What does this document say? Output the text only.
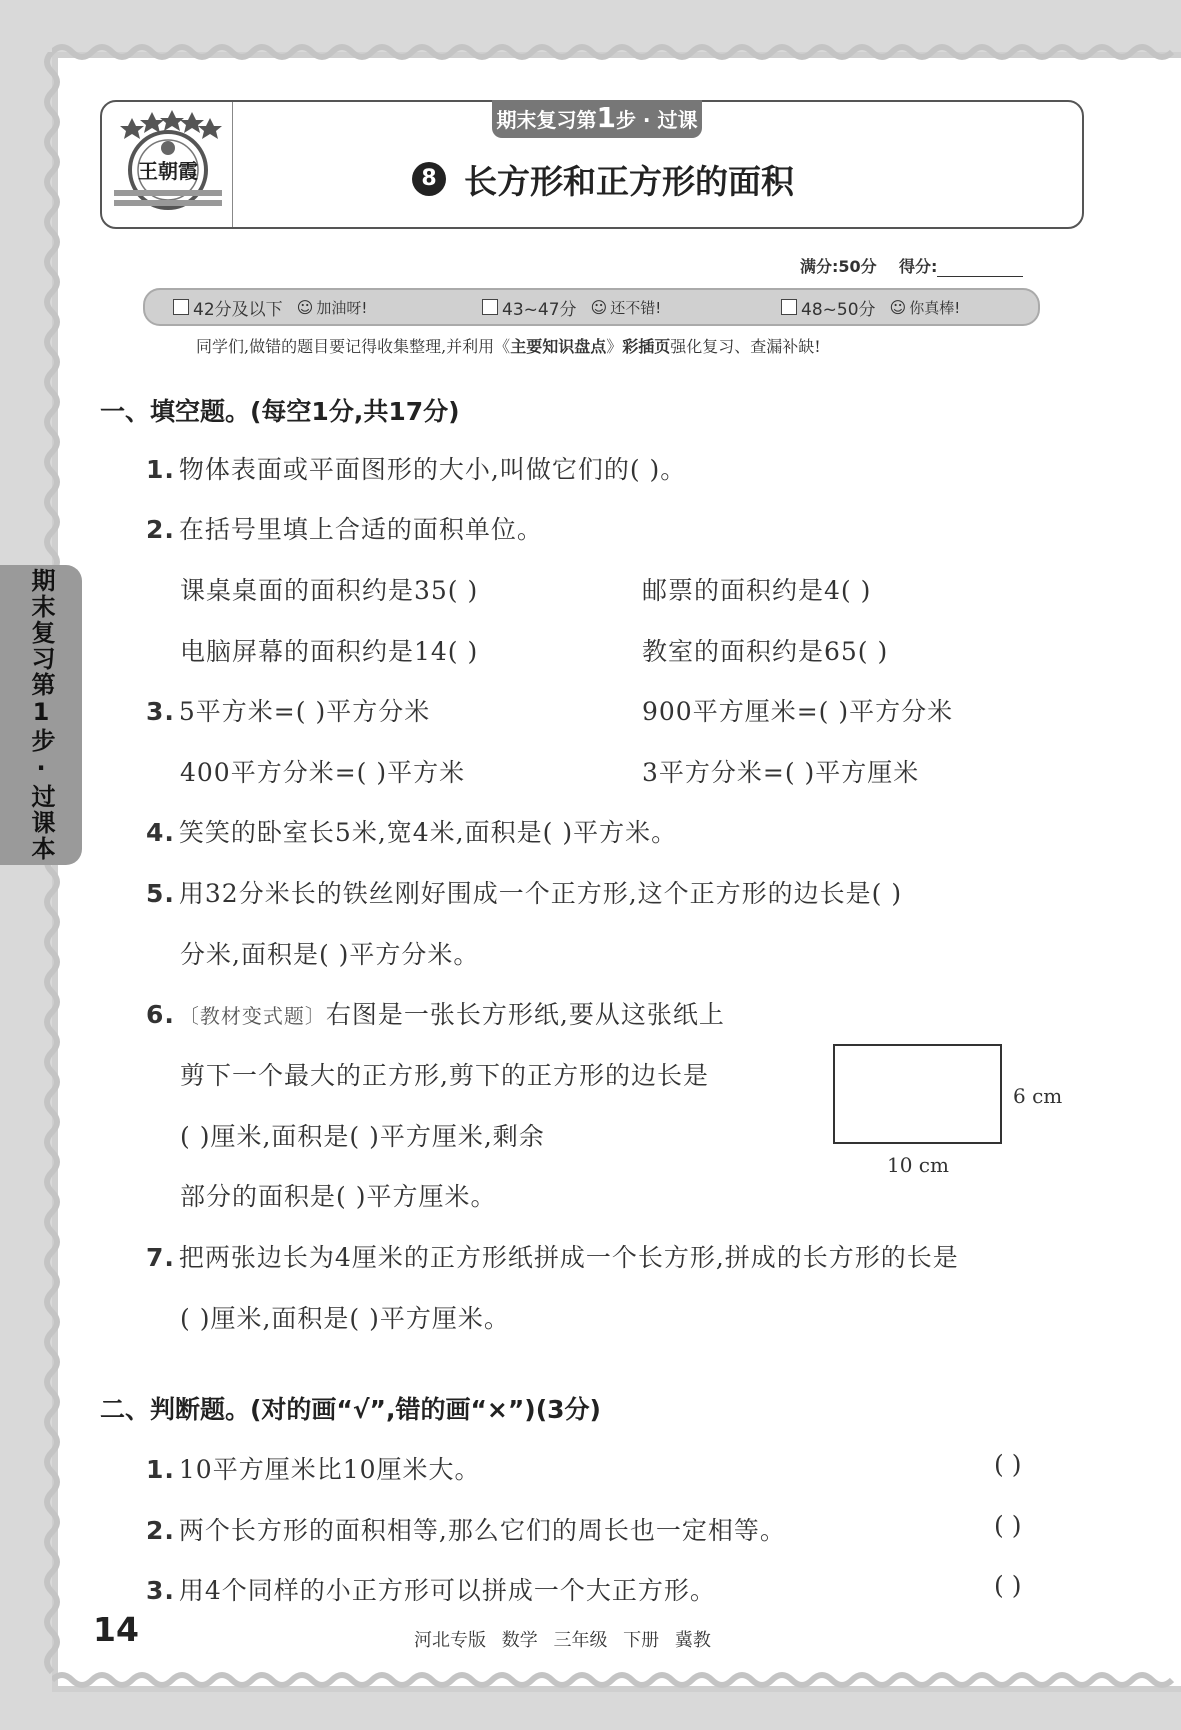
王朝霞
期末复习第1步 · 过课本
8 长方形和正方形的面积
满分:50分 得分:
42分及以下 ☺ 加油呀!	43~47分 ☺ 还不错!	48~50分 ☺ 你真棒!
同学们,做错的题目要记得收集整理,并利用《主要知识盘点》彩插页强化复习、查漏补缺!
期末复习第1步·过课本
一、填空题。(每空1分,共17分)
1. 物体表面或平面图形的大小,叫做它们的( )。
2. 在括号里填上合适的面积单位。
课桌桌面的面积约是35( )	邮票的面积约是4( )
电脑屏幕的面积约是14( )	教室的面积约是65( )
3. 5平方米=( )平方分米	900平方厘米=( )平方分米
400平方分米=( )平方米	3平方分米=( )平方厘米
4. 笑笑的卧室长5米,宽4米,面积是( )平方米。
5. 用32分米长的铁丝刚好围成一个正方形,这个正方形的边长是( )
分米,面积是( )平方分米。
6. 〔教材变式题〕右图是一张长方形纸,要从这张纸上
剪下一个最大的正方形,剪下的正方形的边长是
( )厘米,面积是( )平方厘米,剩余
部分的面积是( )平方厘米。
6 cm
10 cm
7. 把两张边长为4厘米的正方形纸拼成一个长方形,拼成的长方形的长是
( )厘米,面积是( )平方厘米。
二、判断题。(对的画“√”,错的画“×”)(3分)
1. 10平方厘米比10厘米大。	( )
2. 两个长方形的面积相等,那么它们的周长也一定相等。	( )
3. 用4个同样的小正方形可以拼成一个大正方形。	( )
14	河北专版 数学 三年级 下册 冀教
